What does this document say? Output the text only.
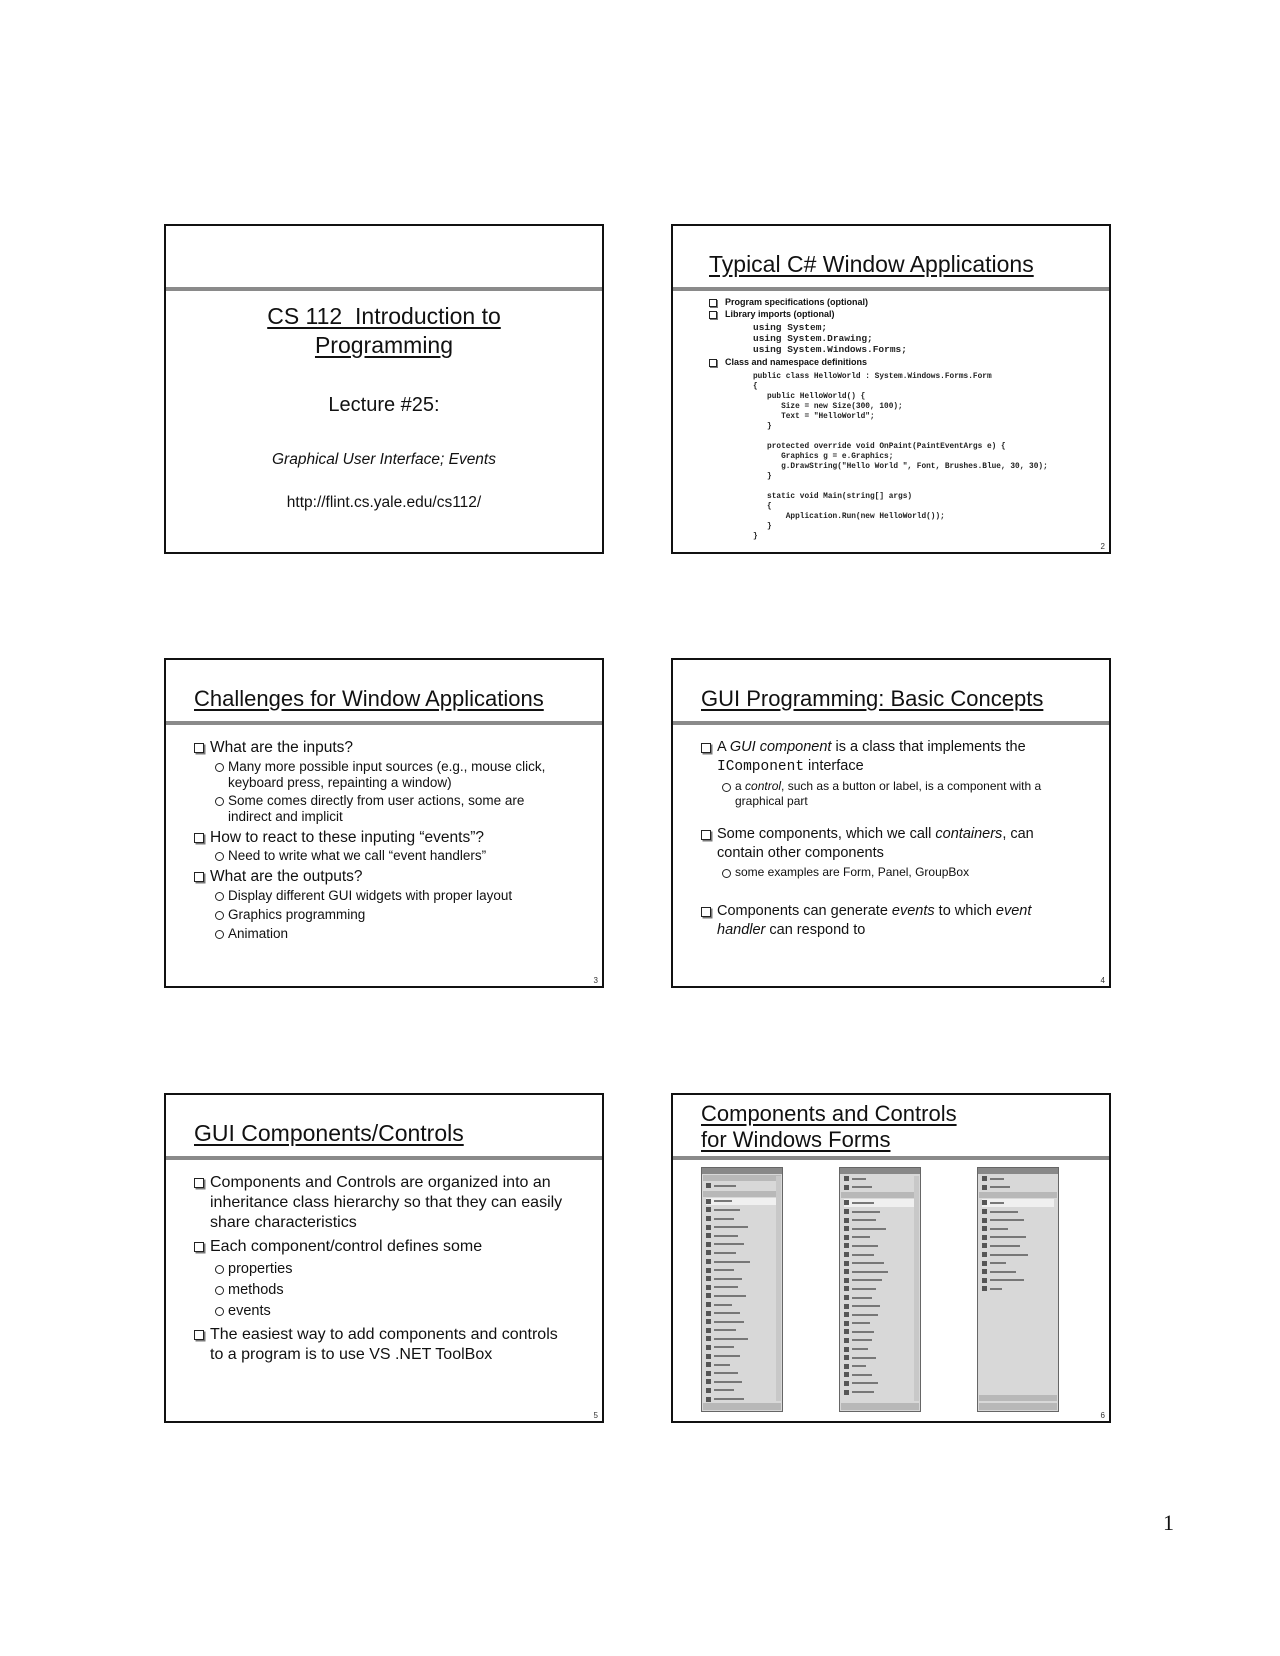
CS 112  Introduction to
Programming
Lecture #25:
Graphical User Interface; Events
http://flint.cs.yale.edu/cs112/
Typical C# Window Applications
Program specifications (optional)
Library imports (optional)
using System;
using System.Drawing;
using System.Windows.Forms;
Class and namespace definitions
public class HelloWorld : System.Windows.Forms.Form
{
public HelloWorld() {
Size = new Size(300, 100);
Text = "HelloWorld";
}

protected override void OnPaint(PaintEventArgs e) {
Graphics g = e.Graphics;
g.DrawString("Hello World ", Font, Brushes.Blue, 30, 30);
}

static void Main(string[] args)
{
Application.Run(new HelloWorld());
}
}
2
Challenges for Window Applications
What are the inputs?
Many more possible input sources (e.g., mouse click, keyboard press, repainting a window)
Some comes directly from user actions, some are indirect and implicit
How to react to these inputing “events”?
Need to write what we call “event handlers”
What are the outputs?
Display different GUI widgets with proper layout
Graphics programming
Animation
3
GUI Programming: Basic Concepts
A GUI component is a class that implements the
IComponent interface
a control, such as a button or label, is a component with a graphical part
Some components, which we call containers, can contain other components
some examples are Form, Panel, GroupBox
Components can generate events to which event handler can respond to
4
GUI Components/Controls
Components and Controls are organized into an inheritance class hierarchy so that they can easily share characteristics
Each component/control defines some
properties
methods
events
The easiest way to add components and controls to a program is to use VS .NET ToolBox
5
Components and Controls
for Windows Forms
6
1
